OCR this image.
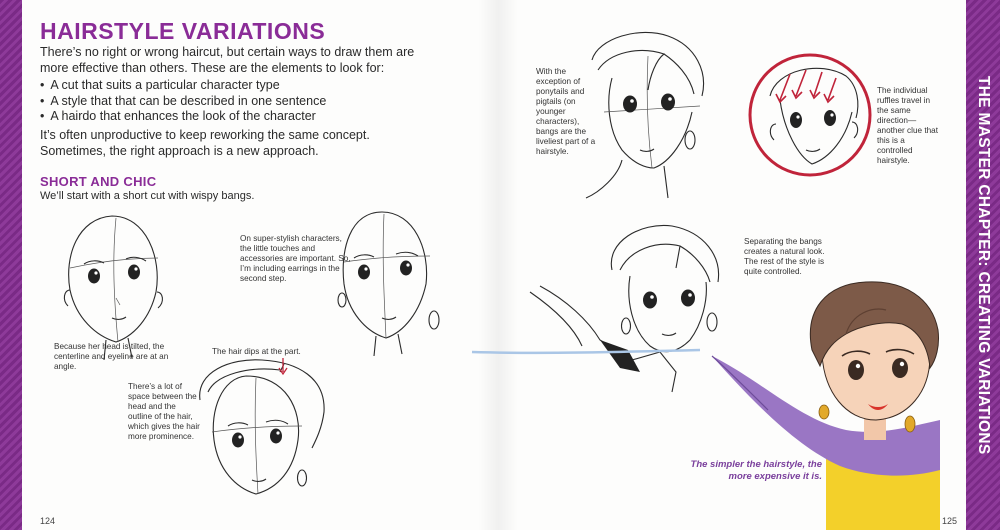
THE MASTER CHAPTER: CREATING VARIATIONS
HAIRSTYLE VARIATIONS

There’s no right or wrong haircut, but certain ways to draw them are more effective than others. These are the elements to look for:

• A cut that suits a particular character type
• A style that that can be described in one sentence
• A hairdo that enhances the look of the character

It’s often unproductive to keep reworking the same concept. Sometimes, the right approach is a new approach.

SHORT AND CHIC

We’ll start with a short cut with wispy bangs.

Because her head is tilted, the centerline and eyeline are at an angle.

On super-stylish characters, the little touches and accessories are important. So, I’m including earrings in the second step.

The hair dips at the part.

There’s a lot of space between the head and the outline of the hair, which gives the hair more prominence.

With the exception of ponytails and pigtails (on younger characters), bangs are the liveliest part of a hairstyle.

The individual ruffles travel in the same direction—another clue that this is a controlled hairstyle.

Separating the bangs creates a natural look. The rest of the style is quite controlled.

The simpler the hairstyle, the more expensive it is.

124	125
